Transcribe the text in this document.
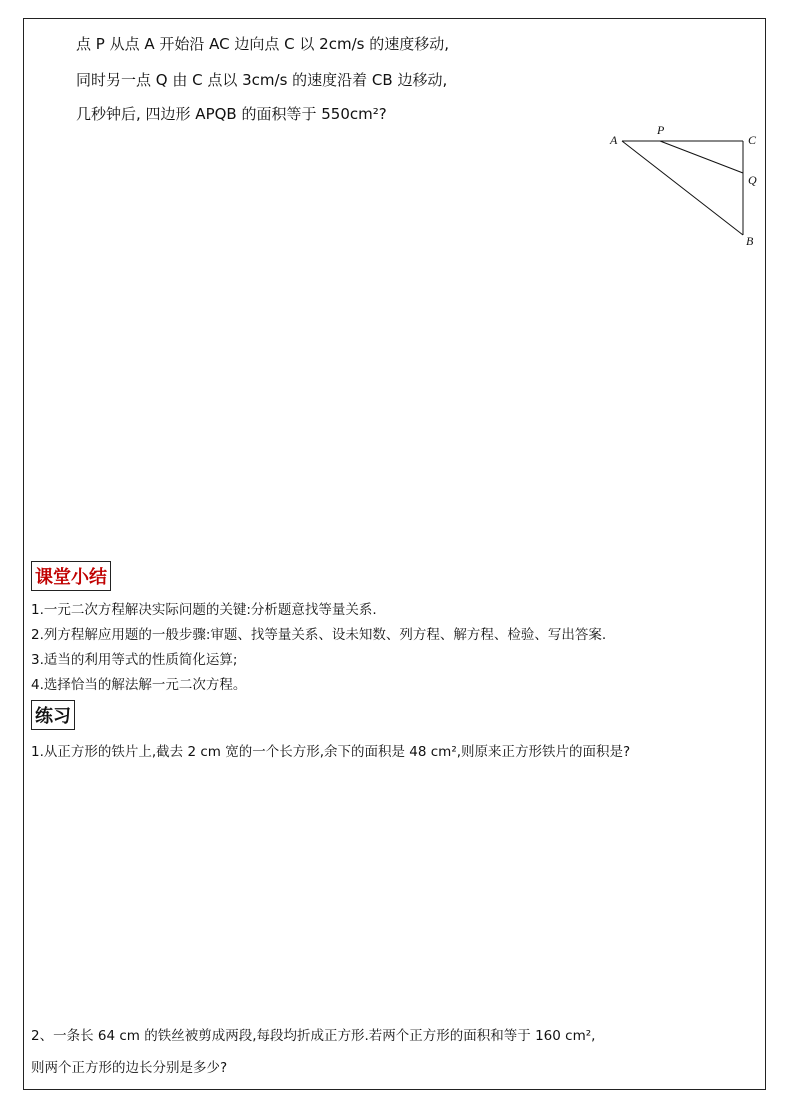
点 P 从点 A 开始沿 AC 边向点 C 以 2cm/s 的速度移动,
同时另一点 Q 由 C 点以 3cm/s 的速度沿着 CB 边移动,
几秒钟后, 四边形 APQB 的面积等于 550cm²?
A
P
C
Q
B
课堂小结
1.一元二次方程解决实际问题的关键:分析题意找等量关系.
2.列方程解应用题的一般步骤:审题、找等量关系、设未知数、列方程、解方程、检验、写出答案.
3.适当的利用等式的性质简化运算;
4.选择恰当的解法解一元二次方程。
练习
1.从正方形的铁片上,截去 2 cm 宽的一个长方形,余下的面积是 48 cm²,则原来正方形铁片的面积是?
2、一条长 64 cm 的铁丝被剪成两段,每段均折成正方形.若两个正方形的面积和等于 160 cm²,
则两个正方形的边长分别是多少?
